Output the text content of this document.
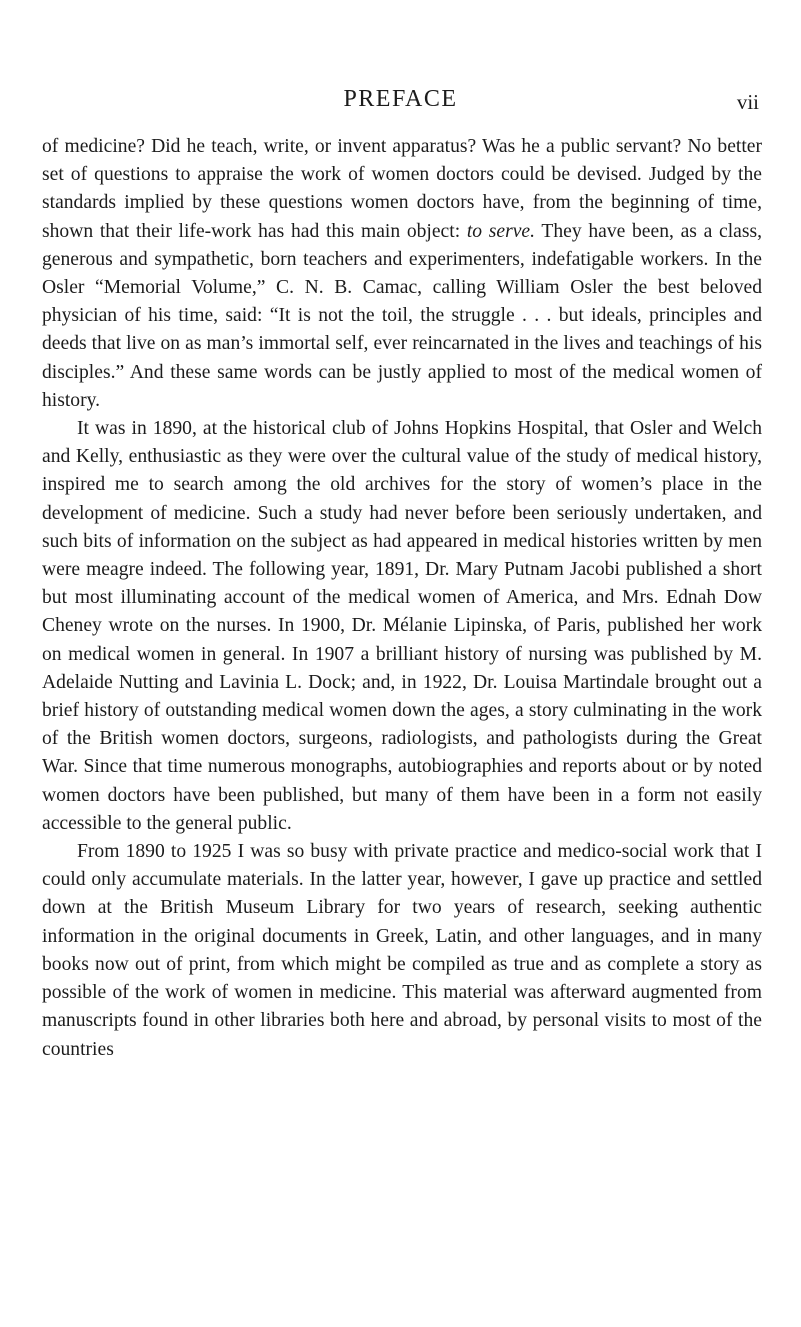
PREFACE	vii

of medicine? Did he teach, write, or invent apparatus? Was he a public servant? No better set of questions to appraise the work of women doctors could be devised. Judged by the standards implied by these questions women doctors have, from the beginning of time, shown that their life-work has had this main object: to serve. They have been, as a class, generous and sympathetic, born teachers and experimenters, indefatigable workers. In the Osler “Memorial Volume,” C. N. B. Camac, calling William Osler the best beloved physician of his time, said: “It is not the toil, the struggle . . . but ideals, principles and deeds that live on as man’s immortal self, ever reincarnated in the lives and teachings of his disciples.” And these same words can be justly applied to most of the medical women of history.

It was in 1890, at the historical club of Johns Hopkins Hospital, that Osler and Welch and Kelly, enthusiastic as they were over the cultural value of the study of medical history, inspired me to search among the old archives for the story of women’s place in the development of medicine. Such a study had never before been seriously undertaken, and such bits of information on the subject as had appeared in medical histories written by men were meagre indeed. The following year, 1891, Dr. Mary Putnam Jacobi published a short but most illuminating account of the medical women of America, and Mrs. Ednah Dow Cheney wrote on the nurses. In 1900, Dr. Mélanie Lipinska, of Paris, published her work on medical women in general. In 1907 a brilliant history of nursing was published by M. Adelaide Nutting and Lavinia L. Dock; and, in 1922, Dr. Louisa Martindale brought out a brief history of outstanding medical women down the ages, a story culminating in the work of the British women doctors, surgeons, radiologists, and pathologists during the Great War. Since that time numerous monographs, autobiographies and reports about or by noted women doctors have been published, but many of them have been in a form not easily accessible to the general public.

From 1890 to 1925 I was so busy with private practice and medico-social work that I could only accumulate materials. In the latter year, however, I gave up practice and settled down at the British Museum Library for two years of research, seeking authentic information in the original documents in Greek, Latin, and other languages, and in many books now out of print, from which might be compiled as true and as complete a story as possible of the work of women in medicine. This material was afterward augmented from manuscripts found in other libraries both here and abroad, by personal visits to most of the countries
